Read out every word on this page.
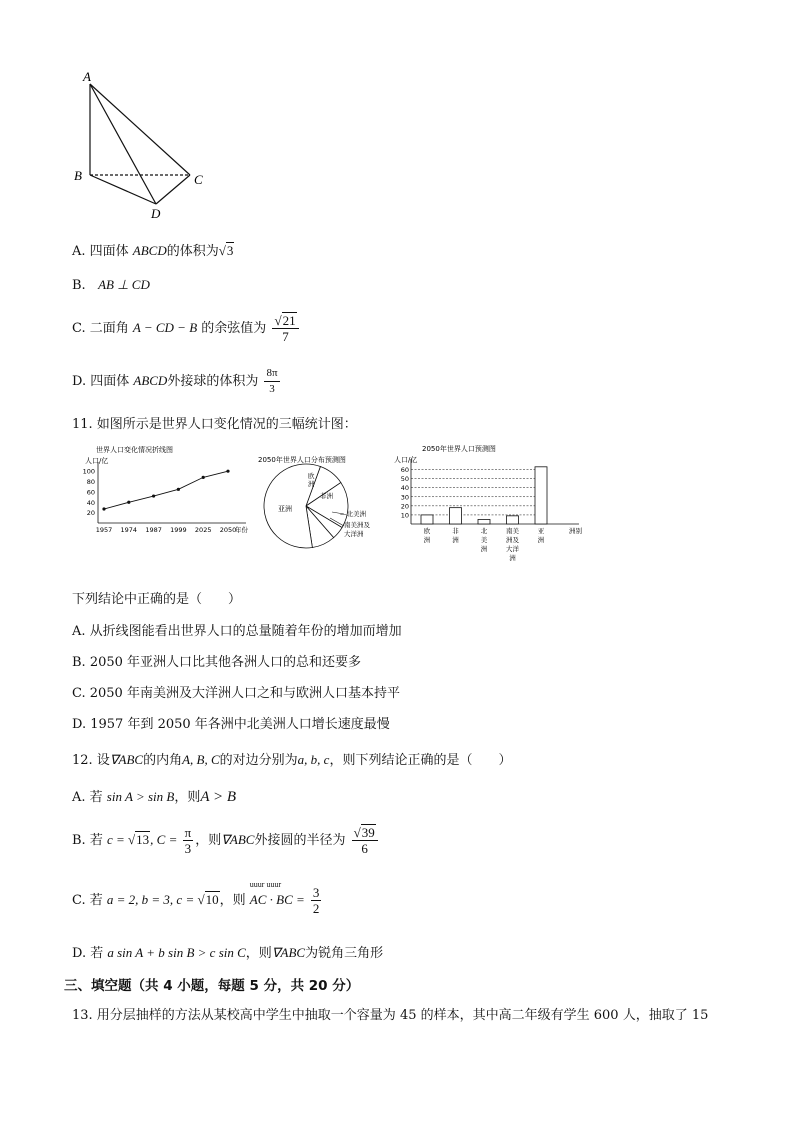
A
B	C
D
A. 四面体 ABCD的体积为√3
B. AB ⊥ CD
C. 二面角 A − CD − B 的余弦值为 $\frac{√21}{7}$
D. 四面体 ABCD外接球的体积为 $\frac{8\pi}{3}$
11. 如图所示是世界人口变化情况的三幅统计图：
世界人口变化情况折线图
人口/亿
20
40
60
80
100
1957 1974 1987 1999 2025 2050
年份
2050年世界人口分布预测图
欧
洲
非洲
—北美洲
南美洲及
大洋洲
亚洲
2050年世界人口预测图
人口/亿
10
20
30
40
50
60
欧
洲
非
洲
北
美
洲
南美
洲及
大洋
洲
亚
洲
洲别
下列结论中正确的是（　　）
A. 从折线图能看出世界人口的总量随着年份的增加而增加
B. 2050 年亚洲人口比其他各洲人口的总和还要多
C. 2050 年南美洲及大洋洲人口之和与欧洲人口基本持平
D. 1957 年到 2050 年各洲中北美洲人口增长速度最慢
12. 设∇ABC的内角A, B, C的对边分别为a, b, c，则下列结论正确的是（　　）
A. 若 sin A > sin B，则A > B
B. 若 c = √13, $C = \frac{\pi}{3}$ ，则∇ABC外接圆的半径为 $\frac{√39}{6}$
C. 若 a = 2, b = 3, c = √10，则
uuur uuur
AC · BC = $\frac{3}{2}$
D. 若 a sin A + b sin B > c sin C，则∇ABC为锐角三角形
三、填空题（共 4 小题，每题 5 分，共 20 分）
13. 用分层抽样的方法从某校高中学生中抽取一个容量为 45 的样本，其中高二年级有学生 600 人，抽取了 15
